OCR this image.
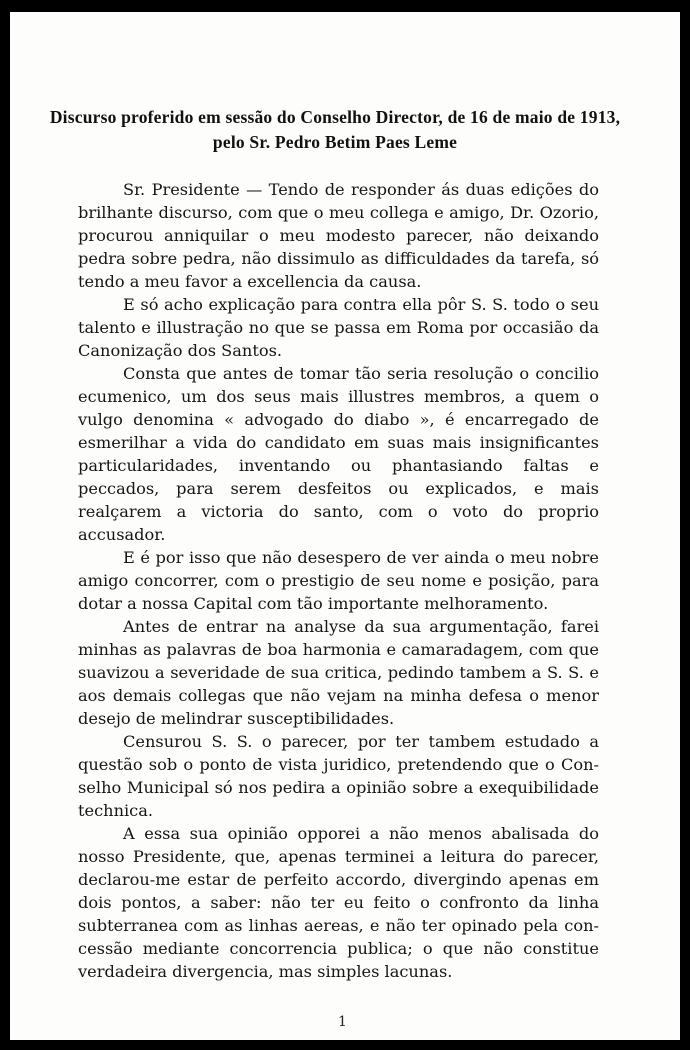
Discurso proferido em sessão do Conselho Director, de 16 de maio de 1913, pelo Sr. Pedro Betim Paes Leme

Sr. Presidente — Tendo de responder ás duas edições do brilhante discurso, com que o meu collega e amigo, Dr. Ozorio, procurou anniquilar o meu modesto parecer, não deixando pedra sobre pedra, não dissimulo as difficuldades da tarefa, só tendo a meu favor a excellencia da causa.

E só acho explicação para contra ella pôr S. S. todo o seu talento e illustração no que se passa em Roma por occasião da Canonização dos Santos.

Consta que antes de tomar tão seria resolução o concilio ecumenico, um dos seus mais illustres membros, a quem o vulgo denomina « advogado do diabo », é encarregado de esmerilhar a vida do candidato em suas mais insignificantes particularidades, inventando ou phantasiando faltas e peccados, para serem desfeitos ou explicados, e mais realçarem a victoria do santo, com o voto do proprio accusador.

E é por isso que não desespero de ver ainda o meu nobre amigo concorrer, com o prestigio de seu nome e posição, para dotar a nossa Capital com tão importante melhoramento.

Antes de entrar na analyse da sua argumentação, farei minhas as palavras de boa harmonia e camaradagem, com que suavizou a severidade de sua critica, pedindo tambem a S. S. e aos demais collegas que não vejam na minha defesa o menor desejo de melindrar susceptibilidades.

Censurou S. S. o parecer, por ter tambem estudado a questão sob o ponto de vista juridico, pretendendo que o Conselho Municipal só nos pedira a opinião sobre a exequibilidade technica.

A essa sua opinião opporei a não menos abalisada do nosso Presidente, que, apenas terminei a leitura do parecer, declarou-me estar de perfeito accordo, divergindo apenas em dois pontos, a saber: não ter eu feito o confronto da linha subterranea com as linhas aereas, e não ter opinado pela concessão mediante concorrencia publica; o que não constitue verdadeira divergencia, mas simples lacunas.

1
